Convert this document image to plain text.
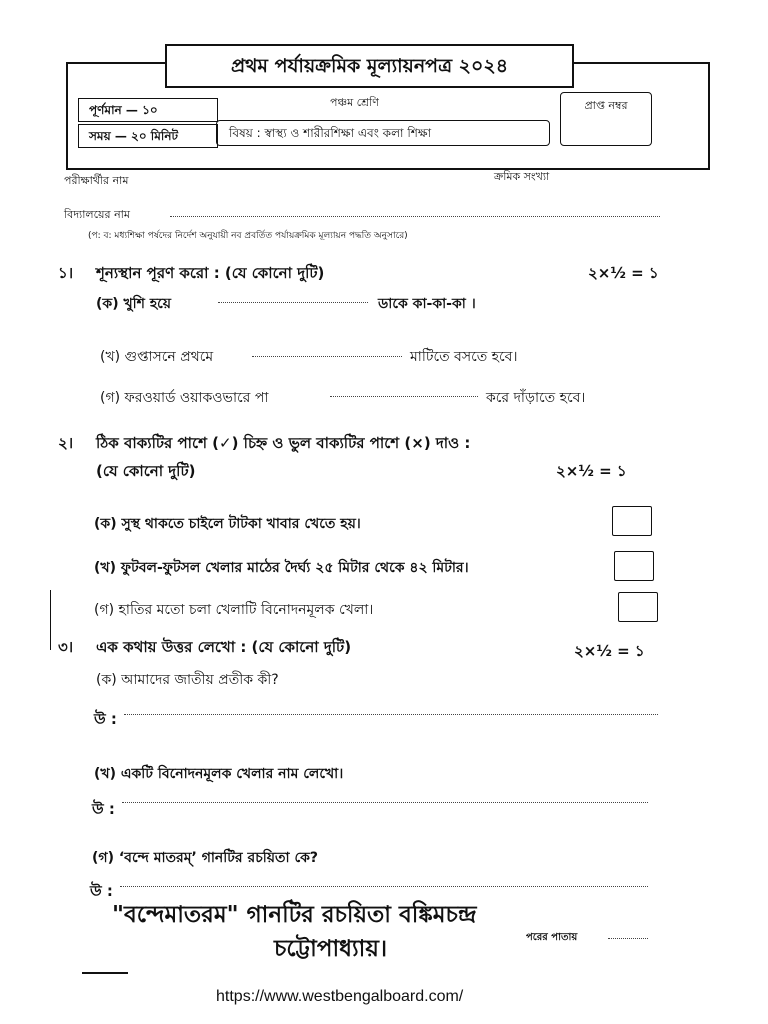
প্রথম পর্যায়ক্রমিক মূল্যায়নপত্র ২০২৪
পঞ্চম শ্রেণি
পূর্ণমান — ১০
সময় — ২০ মিনিট	বিষয় : স্বাস্থ্য ও শারীরশিক্ষা এবং কলা শিক্ষা
প্রাপ্ত নম্বর
পরীক্ষার্থীর নাম	ক্রমিক সংখ্যা
বিদ্যালয়ের নাম
(প: ব: মধ্যশিক্ষা পর্ষদের নির্দেশ অনুযায়ী নব প্রবর্তিত পর্যায়ক্রমিক মূল্যায়ন পদ্ধতি অনুসারে)
১। শূন্যস্থান পূরণ করো : (যে কোনো দুটি)	২×½ = ১
(ক) খুশি হয়ে	ডাকে কা-কা-কা ।
(খ) গুপ্তাসনে প্রথমে	মাটিতে বসতে হবে।
(গ) ফরওয়ার্ড ওয়াকওভারে পা	করে দাঁড়াতে হবে।
২। ঠিক বাক্যটির পাশে (✓) চিহ্ন ও ভুল বাক্যটির পাশে (×) দাও :
(যে কোনো দুটি)	২×½ = ১
(ক) সুস্থ থাকতে চাইলে টাটকা খাবার খেতে হয়।
(খ) ফুটবল-ফুটসল খেলার মাঠের দৈর্ঘ্য ২৫ মিটার থেকে ৪২ মিটার।
(গ) হাতির মতো চলা খেলাটি বিনোদনমূলক খেলা।
৩। এক কথায় উত্তর লেখো : (যে কোনো দুটি)	২×½ = ১
(ক) আমাদের জাতীয় প্রতীক কী?
উ :
(খ) একটি বিনোদনমূলক খেলার নাম লেখো।
উ :
(গ) ‘বন্দে মাতরম্’ গানটির রচয়িতা কে?
উ :
"বন্দেমাতরম" গানটির রচয়িতা বঙ্কিমচন্দ্র
চট্টোপাধ্যায়।	পরের পাতায়
https://www.westbengalboard.com/
